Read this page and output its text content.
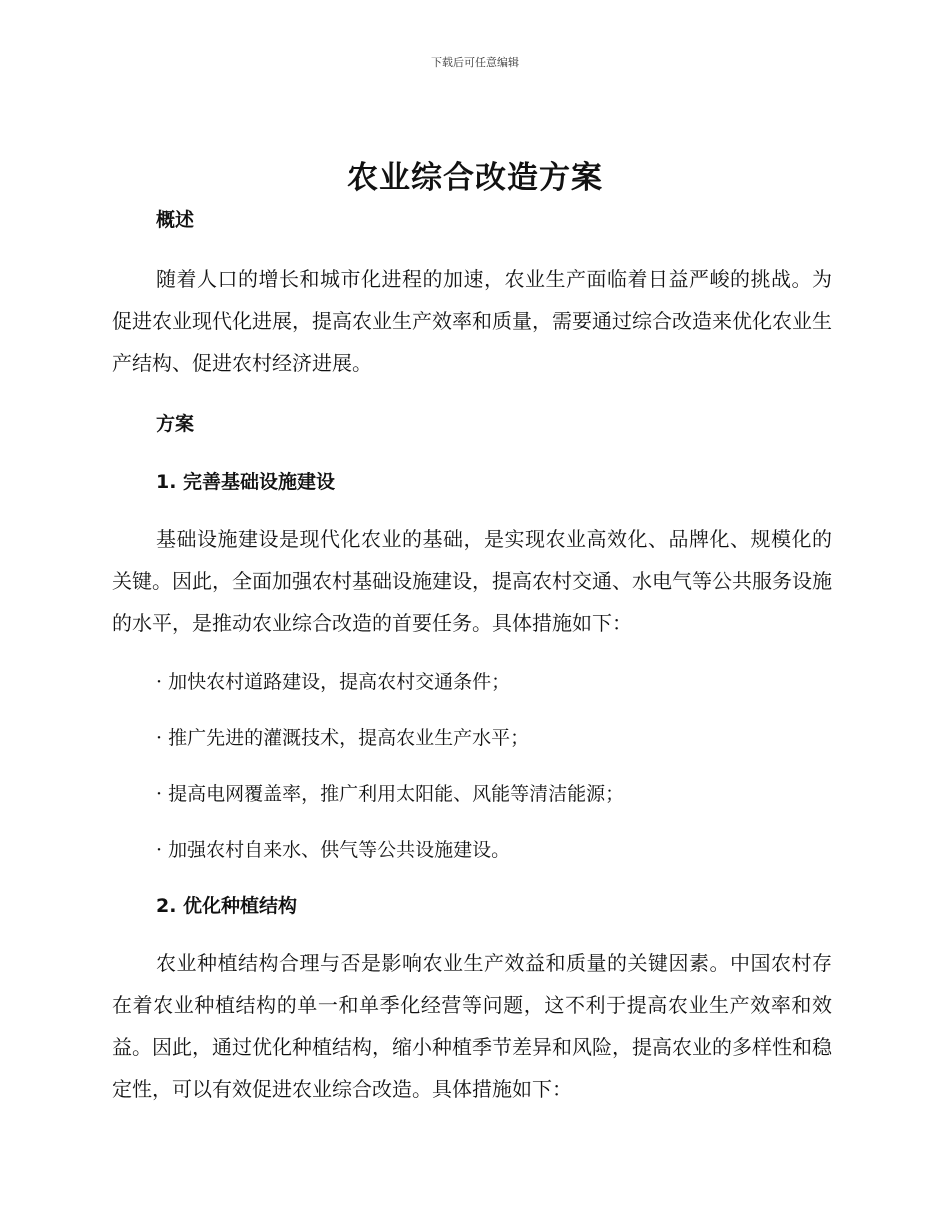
下载后可任意编辑
农业综合改造方案
概述

随着人口的增长和城市化进程的加速，农业生产面临着日益严峻的挑战。为促进农业现代化进展，提高农业生产效率和质量，需要通过综合改造来优化农业生产结构、促进农村经济进展。

方案
1. 完善基础设施建设

基础设施建设是现代化农业的基础，是实现农业高效化、品牌化、规模化的关键。因此，全面加强农村基础设施建设，提高农村交通、水电气等公共服务设施的水平，是推动农业综合改造的首要任务。具体措施如下：

· 加快农村道路建设，提高农村交通条件；
· 推广先进的灌溉技术，提高农业生产水平；
· 提高电网覆盖率，推广利用太阳能、风能等清洁能源；
· 加强农村自来水、供气等公共设施建设。
2. 优化种植结构

农业种植结构合理与否是影响农业生产效益和质量的关键因素。中国农村存在着农业种植结构的单一和单季化经营等问题，这不利于提高农业生产效率和效益。因此，通过优化种植结构，缩小种植季节差异和风险，提高农业的多样性和稳定性，可以有效促进农业综合改造。具体措施如下：
